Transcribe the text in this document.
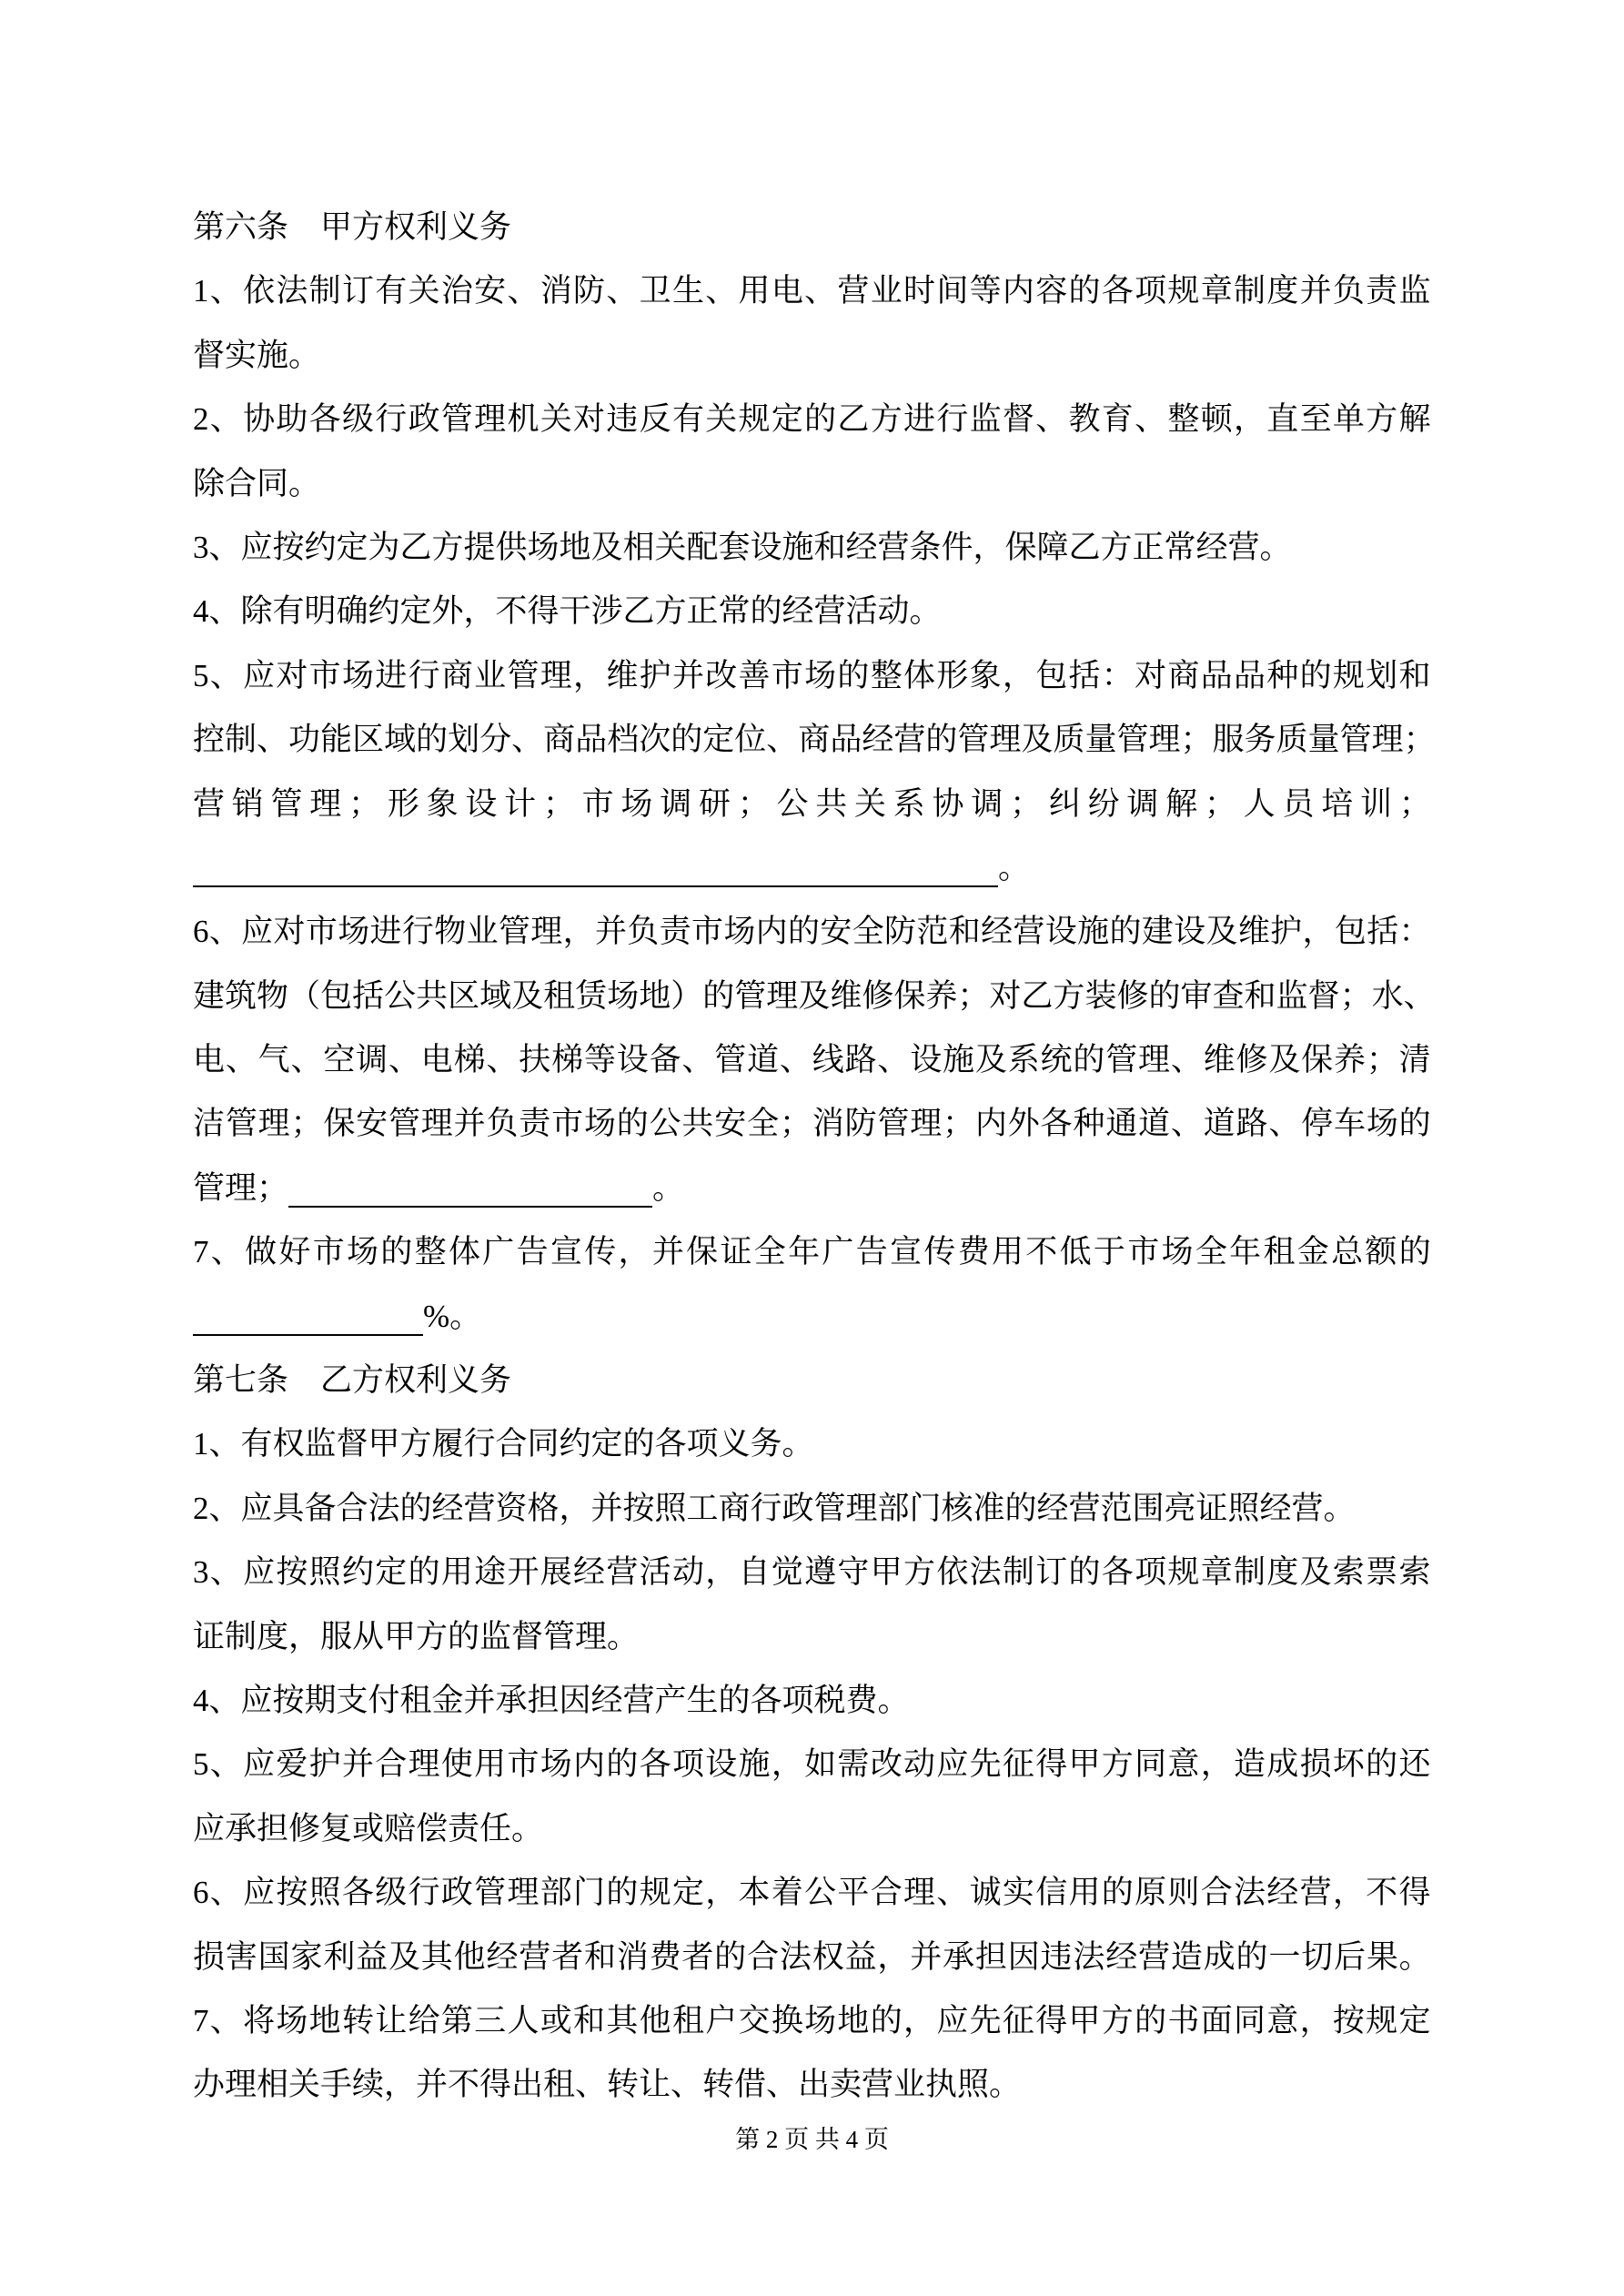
第六条　甲方权利义务
1 、 依 法 制 订 有 关 治 安 、 消 防 、 卫 生 、 用 电 、 营 业 时 间 等 内 容 的 各 项 规 章 制 度 并 负 责 监
督实施。
2 、 协 助 各 级 行 政 管 理 机 关 对 违 反 有 关 规 定 的 乙 方 进 行 监 督 、 教 育 、 整 顿 ， 直 至 单 方 解
除合同。
3、应按约定为乙方提供场地及相关配套设施和经营条件，保障乙方正常经营。
4、除有明确约定外，不得干涉乙方正常的经营活动。
5 、 应 对 市 场 进 行 商 业 管 理 ， 维 护 并 改 善 市 场 的 整 体 形 象 ， 包 括 ： 对 商 品 品 种 的 规 划 和
控 制 、 功 能 区 域 的 划 分 、 商 品 档 次 的 定 位 、 商 品 经 营 的 管 理 及 质 量 管 理 ； 服 务 质 量 管 理 ；
营 销 管 理 ； 形 象 设 计 ； 市 场 调 研 ； 公 共 关 系 协 调 ； 纠 纷 调 解 ； 人 员 培 训 ；
。
6 、 应 对 市 场 进 行 物 业 管 理 ， 并 负 责 市 场 内 的 安 全 防 范 和 经 营 设 施 的 建 设 及 维 护 ， 包 括 ：
建 筑 物 （ 包 括 公 共 区 域 及 租 赁 场 地 ） 的 管 理 及 维 修 保 养 ； 对 乙 方 装 修 的 审 查 和 监 督 ； 水 、
电 、 气 、 空 调 、 电 梯 、 扶 梯 等 设 备 、 管 道 、 线 路 、 设 施 及 系 统 的 管 理 、 维 修 及 保 养 ； 清
洁 管 理 ； 保 安 管 理 并 负 责 市 场 的 公 共 安 全 ； 消 防 管 理 ； 内 外 各 种 通 道 、 道 路 、 停 车 场 的
管理；	。
7 、 做 好 市 场 的 整 体 广 告 宣 传 ， 并 保 证 全 年 广 告 宣 传 费 用 不 低 于 市 场 全 年 租 金 总 额 的
%。
第七条　乙方权利义务
1、有权监督甲方履行合同约定的各项义务。
2、应具备合法的经营资格，并按照工商行政管理部门核准的经营范围亮证照经营。
3 、 应 按 照 约 定 的 用 途 开 展 经 营 活 动 ， 自 觉 遵 守 甲 方 依 法 制 订 的 各 项 规 章 制 度 及 索 票 索
证制度，服从甲方的监督管理。
4、应按期支付租金并承担因经营产生的各项税费。
5 、 应 爱 护 并 合 理 使 用 市 场 内 的 各 项 设 施 ， 如 需 改 动 应 先 征 得 甲 方 同 意 ， 造 成 损 坏 的 还
应承担修复或赔偿责任。
6 、 应 按 照 各 级 行 政 管 理 部 门 的 规 定 ， 本 着 公 平 合 理 、 诚 实 信 用 的 原 则 合 法 经 营 ， 不 得
损 害 国 家 利 益 及 其 他 经 营 者 和 消 费 者 的 合 法 权 益 ， 并 承 担 因 违 法 经 营 造 成 的 一 切 后 果 。
7 、 将 场 地 转 让 给 第 三 人 或 和 其 他 租 户 交 换 场 地 的 ， 应 先 征 得 甲 方 的 书 面 同 意 ， 按 规 定
办理相关手续，并不得出租、转让、转借、出卖营业执照。
第 2 页 共 4 页
